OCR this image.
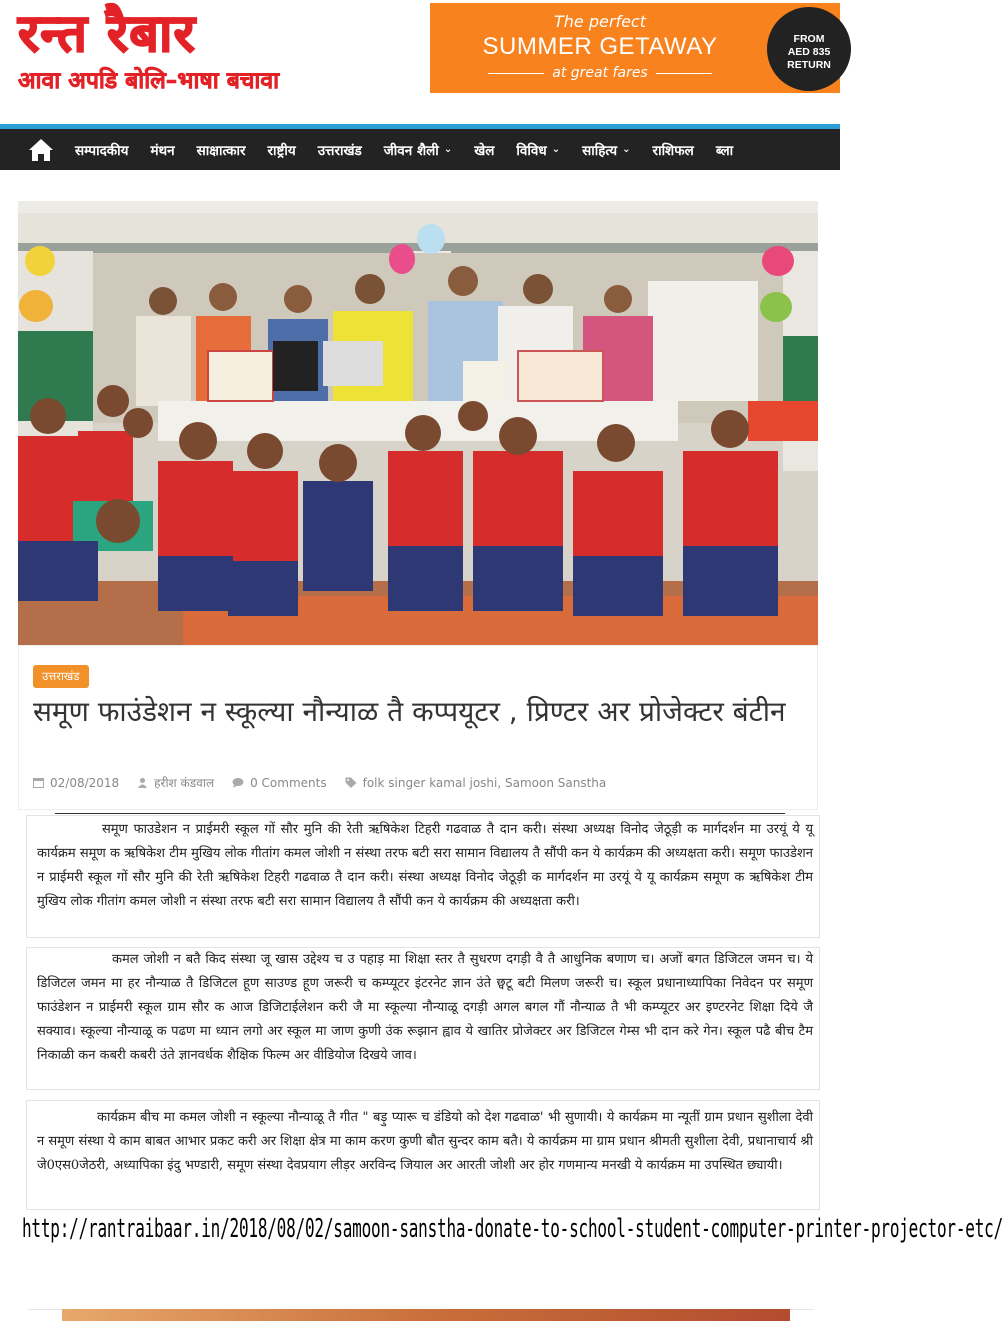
रन्त रैबार
आवा अपडि बोलि–भाषा बचावा
The perfect
SUMMER GETAWAY
at great fares
FROM
AED 835
RETURN
सम्पादकीय मंथन साक्षात्कार राष्ट्रीय उत्तराखंड जीवन शैली ⌄ खेल विविध ⌄ साहित्य ⌄ राशिफल ब्ला
उत्तराखंड
समूण फाउंडेशन न स्कूल्या नौन्याळ तै कप्पयूटर , प्रिण्टर अर प्रोजेक्टर बंटीन
02/08/2018	हरीश कंडवाल	0 Comments	folk singer kamal joshi, Samoon Sanstha
समूण फाउडेशन न प्राईमरी स्कूल गों सौर मुनि की रेती ऋषिकेश टिहरी गढवाळ तै दान करी। संस्था अध्यक्ष विनोद जेठूड़ी क मार्गदर्शन मा उरयूं ये यू कार्यक्रम समूण क ऋषिकेश टीम मुखिय लोक गीतांग कमल जोशी न संस्था तरफ बटी सरा सामान विद्यालय तै सौंपी कन ये कार्यक्रम की अध्यक्षता करी। समूण फाउडेशन न प्राईमरी स्कूल गों सौर मुनि की रेती ऋषिकेश टिहरी गढवाळ तै दान करी। संस्था अध्यक्ष विनोद जेठूड़ी क मार्गदर्शन मा उरयूं ये यू कार्यक्रम समूण क ऋषिकेश टीम मुखिय लोक गीतांग कमल जोशी न संस्था तरफ बटी सरा सामान विद्यालय तै सौंपी कन ये कार्यक्रम की अध्यक्षता करी।
कमल जोशी न बतै किद संस्था जू खास उद्देश्य च उ पहाड़ मा शिक्षा स्तर तै सुधरण दगड़ी वै तै आधुनिक बणाण च। अजों बगत डिजिटल जमन च। ये डिजिटल जमन मा हर नौन्याळ तै डिजिटल हूण साउण्ड हूण जरूरी च कम्प्यूटर इंटरनेट ज्ञान उंते छ्वटू बटी मिलण जरूरी च। स्कूल प्रधानाध्यापिका निवेदन पर समूण फाउंडेशन न प्राईमरी स्कूल ग्राम सौर क आज डिजिटाईलेशन करी जै मा स्कूल्या नौन्याळू दगड़ी अगल बगल गौं नौन्याळ तै भी कम्प्यूटर अर इण्टरनेट शिक्षा दिये जै सक्याव। स्कूल्या नौन्याळू क पढण मा ध्यान लगो अर स्कूल मा जाण कुणी उंक रूझान ह्वाव ये खातिर प्रोजेक्टर अर डिजिटल गेम्स भी दान करे गेन। स्कूल पढै बीच टैम निकाळी कन कबरी कबरी उंते ज्ञानवर्धक शैक्षिक फिल्म अर वीडियोज दिखये जाव।
कार्यक्रम बीच मा कमल जोशी न स्कूल्या नौन्याळू तै गीत " बड़ु प्यारू च डंडियो को देश गढवाळ' भी सुणायी। ये कार्यक्रम मा न्यूतीं ग्राम प्रधान सुशीला देवी न समूण संस्था ये काम बाबत आभार प्रकट करी अर शिक्षा क्षेत्र मा काम करण कुणी बौत सुन्दर काम बतै। ये कार्यक्रम मा ग्राम प्रधान श्रीमती सुशीला देवी, प्रधानाचार्य श्री जे0एस0जेठरी, अध्यापिका इंदु भण्डारी, समूण संस्था देवप्रयाग लीड़र अरविन्द जियाल अर आरती जोशी अर होर गणमान्य मनखी ये कार्यक्रम मा उपस्थित छ्यायी।
http://rantraibaar.in/2018/08/02/samoon-sanstha-donate-to-school-student-computer-printer-projector-etc/
